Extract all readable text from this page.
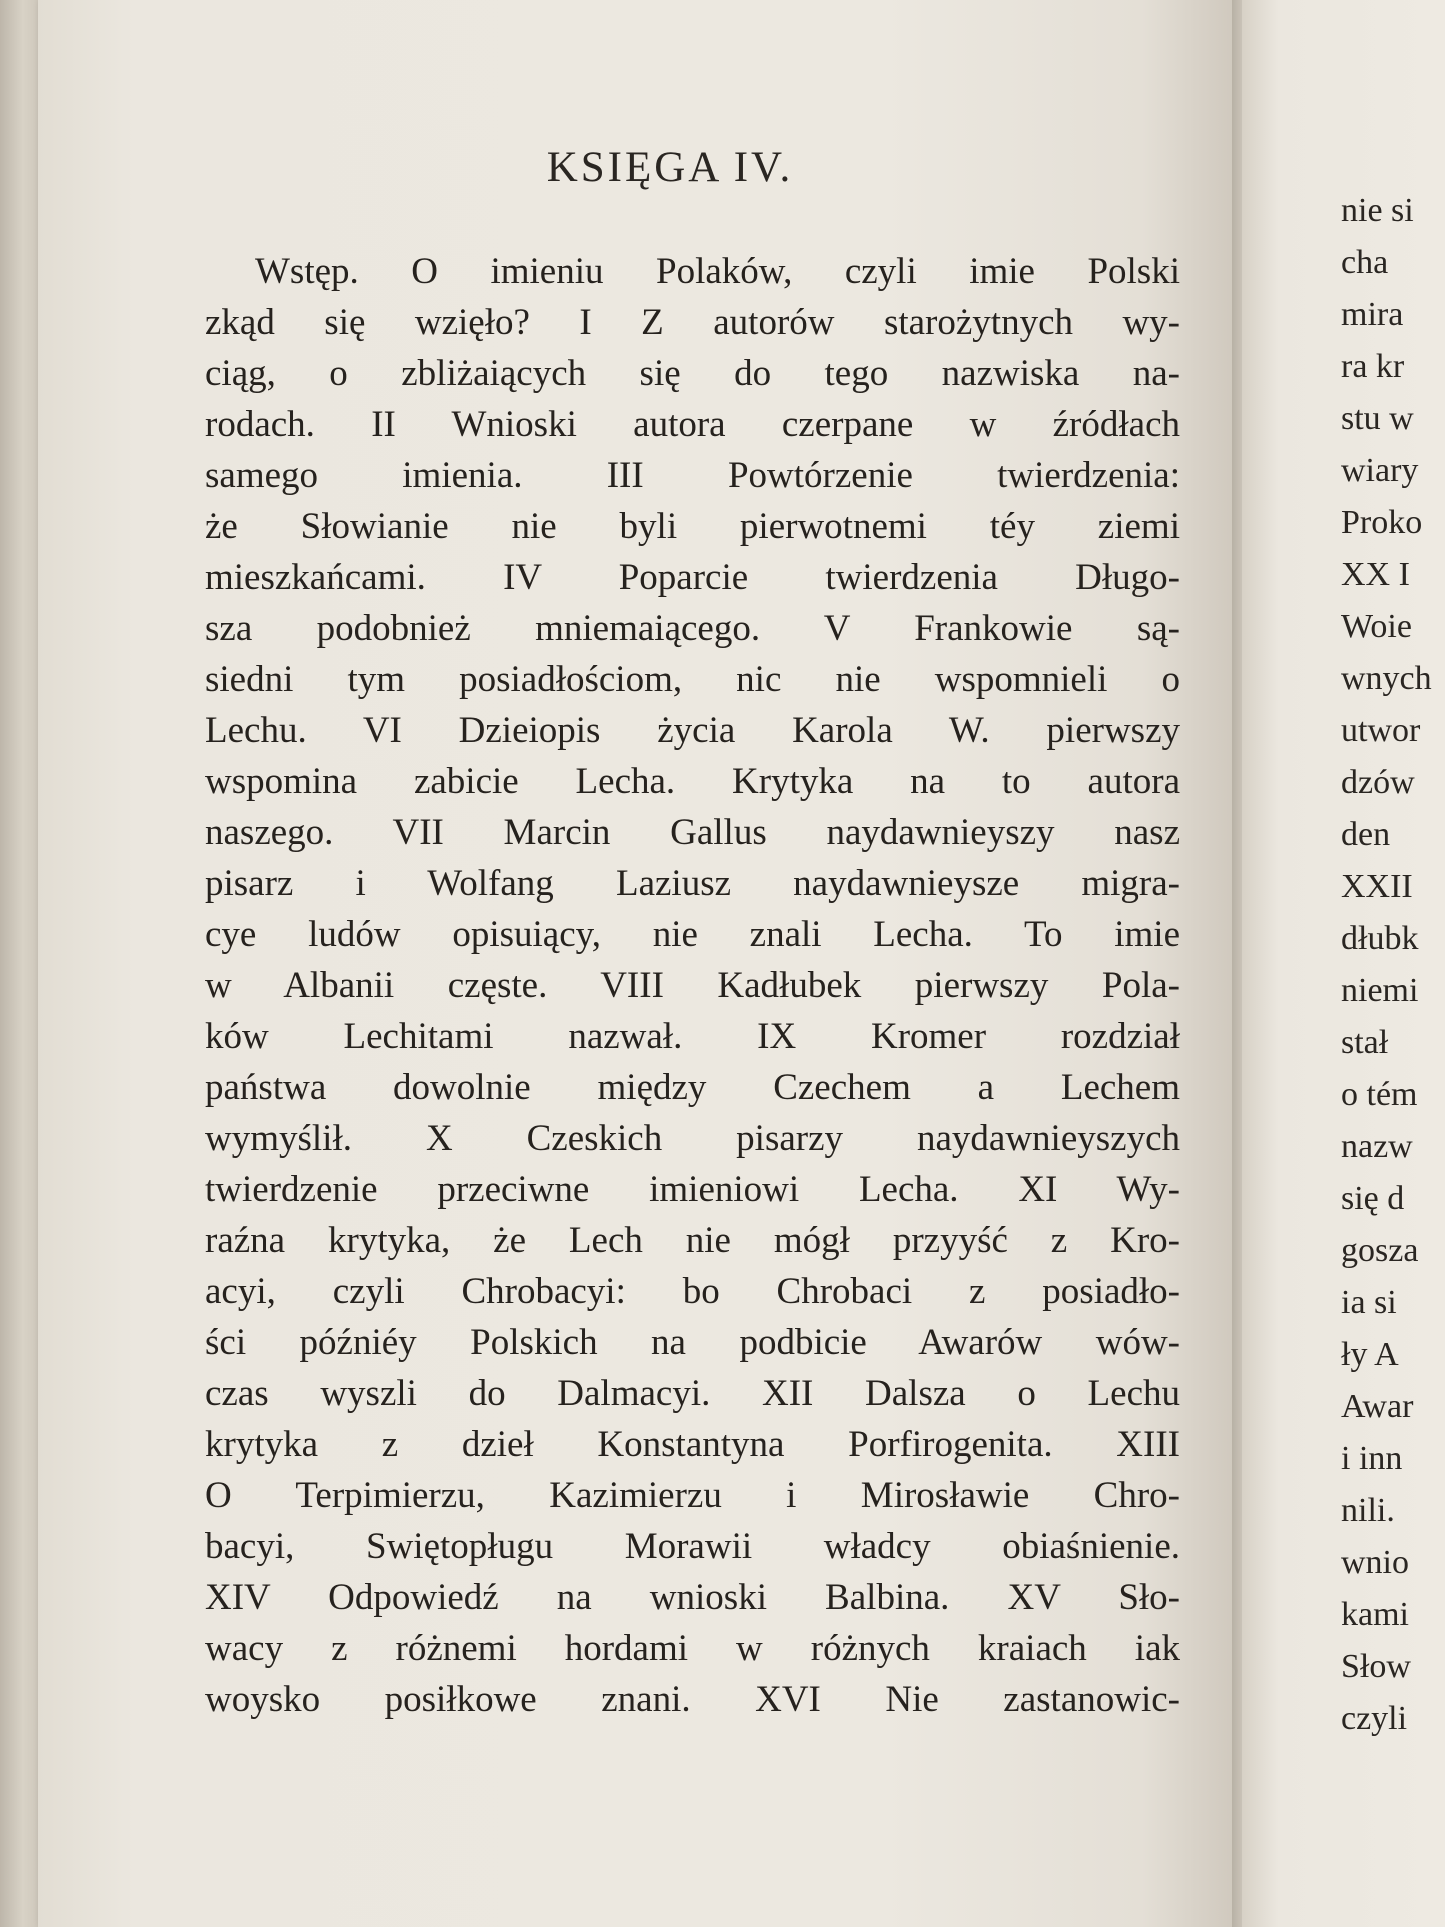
KSIĘGA IV.
Wstęp. O imieniu Polaków, czyli imie Polski
zkąd się wzięło? I Z autorów starożytnych wy-
ciąg, o zbliżaiących się do tego nazwiska na-
rodach. II Wnioski autora czerpane w źródłach
samego imienia. III Powtórzenie twierdzenia:
że Słowianie nie byli pierwotnemi téy ziemi
mieszkańcami. IV Poparcie twierdzenia Długo-
sza podobnież mniemaiącego. V Frankowie są-
siedni tym posiadłościom, nic nie wspomnieli o
Lechu. VI Dzieiopis życia Karola W. pierwszy
wspomina zabicie Lecha. Krytyka na to autora
naszego. VII Marcin Gallus naydawnieyszy nasz
pisarz i Wolfang Laziusz naydawnieysze migra-
cye ludów opisuiący, nie znali Lecha. To imie
w Albanii częste. VIII Kadłubek pierwszy Pola-
ków Lechitami nazwał. IX Kromer rozdział
państwa dowolnie między Czechem a Lechem
wymyślił. X Czeskich pisarzy naydawnieyszych
twierdzenie przeciwne imieniowi Lecha. XI Wy-
raźna krytyka, że Lech nie mógł przyyść z Kro-
acyi, czyli Chrobacyi: bo Chrobaci z posiadło-
ści późniéy Polskich na podbicie Awarów wów-
czas wyszli do Dalmacyi. XII Dalsza o Lechu
krytyka z dzieł Konstantyna Porfirogenita. XIII
O Terpimierzu, Kazimierzu i Mirosławie Chro-
bacyi, Swiętopługu Morawii władcy obiaśnienie.
XIV Odpowiedź na wnioski Balbina. XV Sło-
wacy z różnemi hordami w różnych kraiach iak
woysko posiłkowe znani. XVI Nie zastanowic-
nie si
cha
mira
ra kr
stu w
wiary
Proko
XX I
Woie
wnych
utwor
dzów
den
XXII
dłubk
niemi
stał
o tém
nazw
się d
gosza
ia si
ły A
Awar
i inn
nili.
wnio
kami
Słow
czyli
